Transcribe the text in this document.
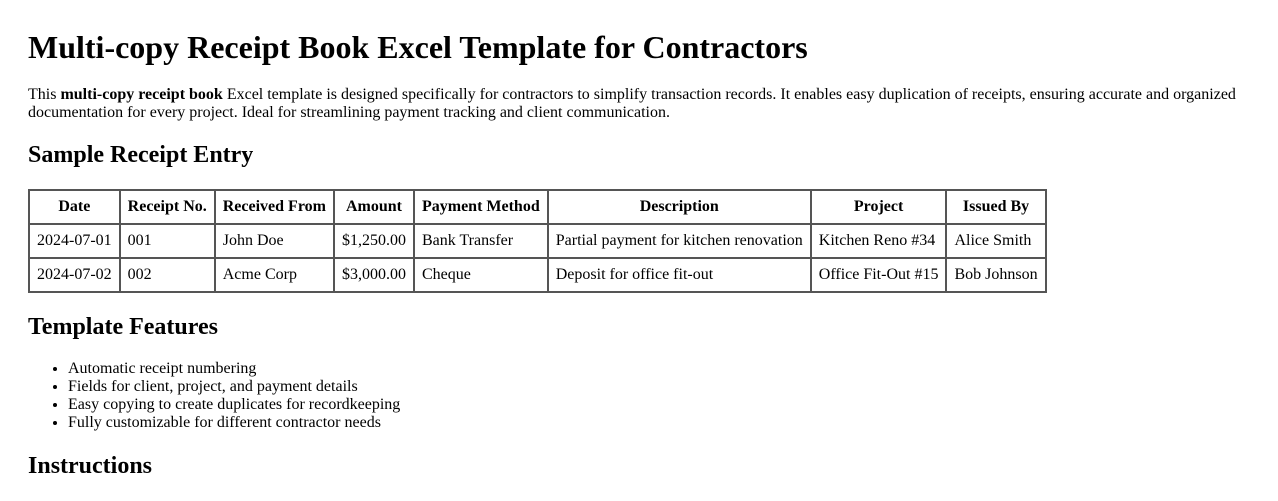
Multi-copy Receipt Book Excel Template for Contractors

This multi-copy receipt book Excel template is designed specifically for contractors to simplify transaction records. It enables easy duplication of receipts, ensuring accurate and organized documentation for every project. Ideal for streamlining payment tracking and client communication.

Sample Receipt Entry
Date	Receipt No.	Received From	Amount	Payment Method	Description	Project	Issued By
2024-07-01	001	John Doe	$1,250.00	Bank Transfer	Partial payment for kitchen renovation	Kitchen Reno #34	Alice Smith
2024-07-02	002	Acme Corp	$3,000.00	Cheque	Deposit for office fit-out	Office Fit-Out #15	Bob Johnson
Template Features
• Automatic receipt numbering
• Fields for client, project, and payment details
• Easy copying to create duplicates for recordkeeping
• Fully customizable for different contractor needs
Instructions
